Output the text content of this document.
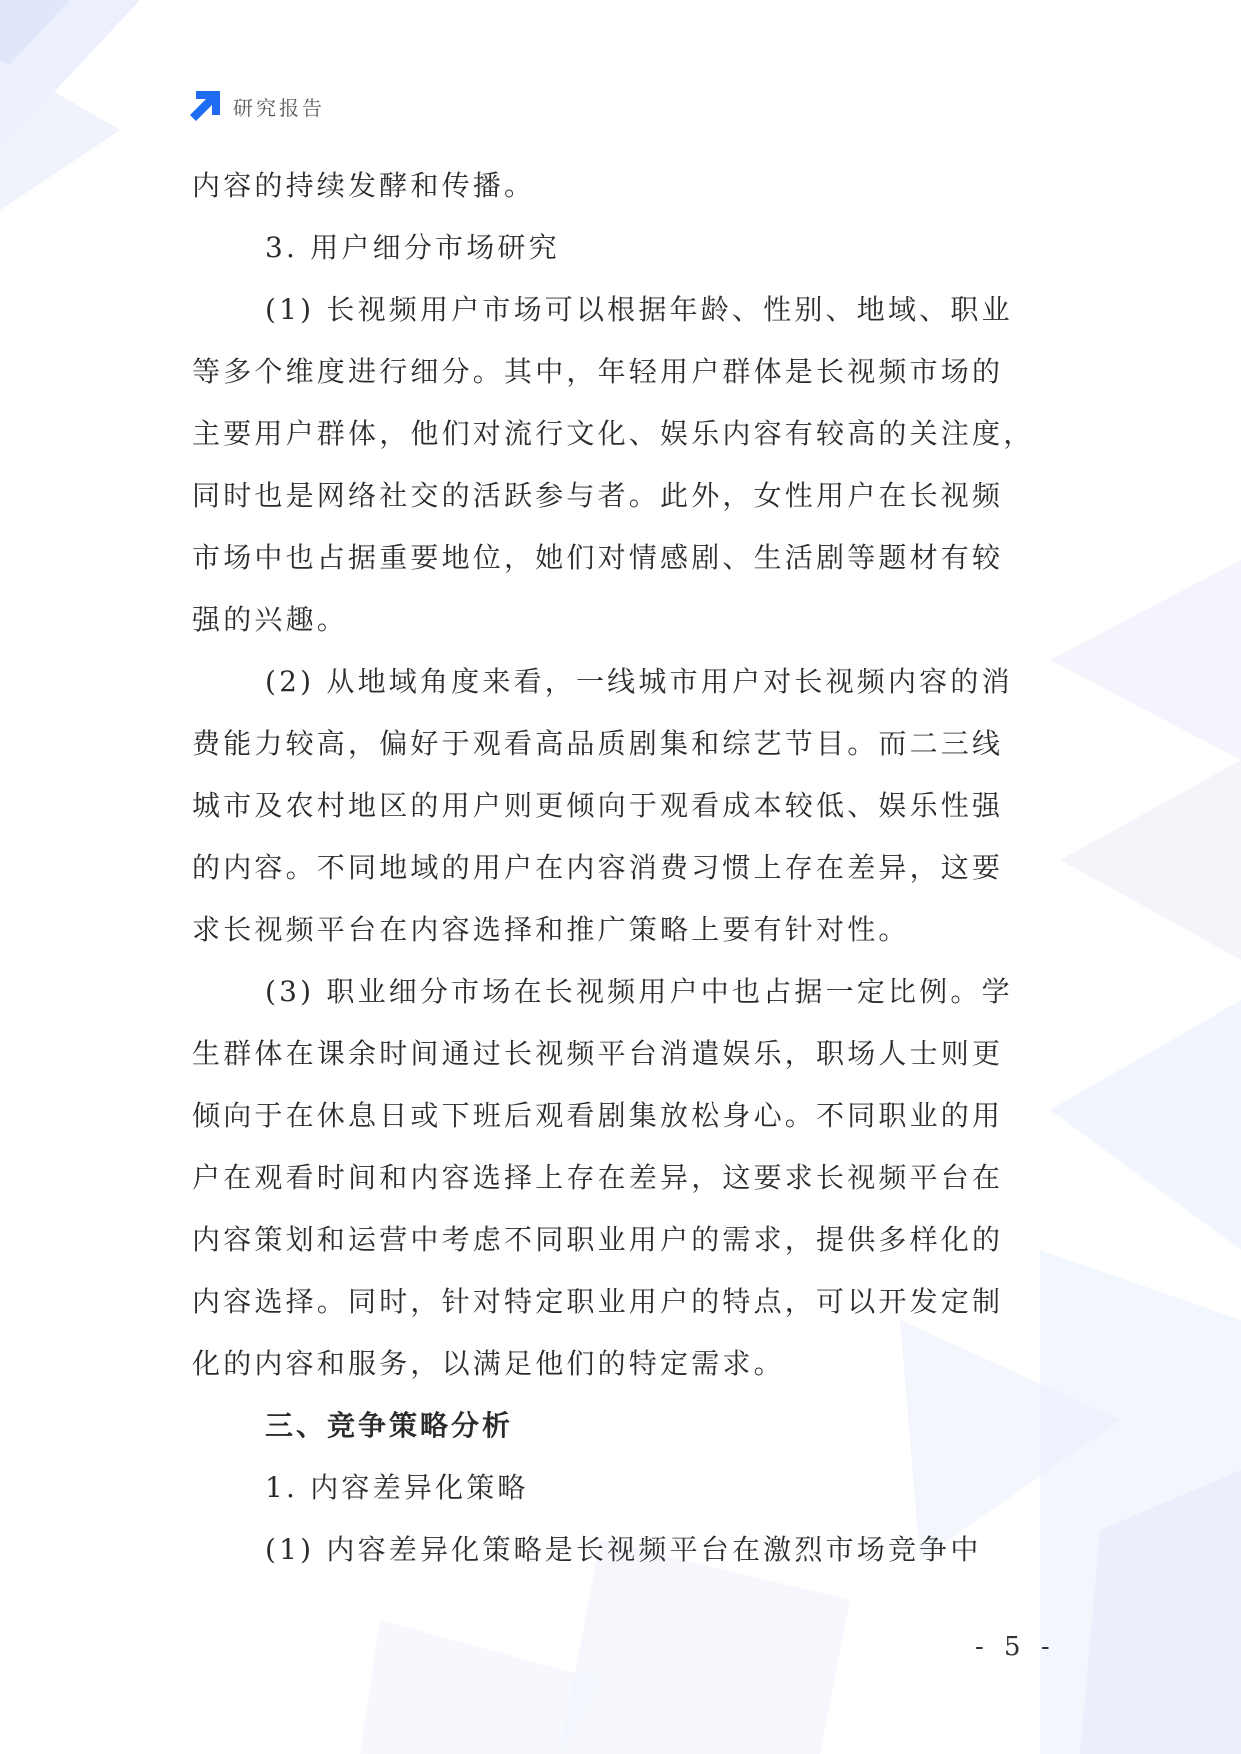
研究报告
内容的持续发酵和传播。
3. 用户细分市场研究
(1) 长视频用户市场可以根据年龄、性别、地域、职业
等多个维度进行细分。其中，年轻用户群体是长视频市场的
主要用户群体，他们对流行文化、娱乐内容有较高的关注度，
同时也是网络社交的活跃参与者。此外，女性用户在长视频
市场中也占据重要地位，她们对情感剧、生活剧等题材有较
强的兴趣。
(2) 从地域角度来看，一线城市用户对长视频内容的消
费能力较高，偏好于观看高品质剧集和综艺节目。而二三线
城市及农村地区的用户则更倾向于观看成本较低、娱乐性强
的内容。不同地域的用户在内容消费习惯上存在差异，这要
求长视频平台在内容选择和推广策略上要有针对性。
(3) 职业细分市场在长视频用户中也占据一定比例。学
生群体在课余时间通过长视频平台消遣娱乐，职场人士则更
倾向于在休息日或下班后观看剧集放松身心。不同职业的用
户在观看时间和内容选择上存在差异，这要求长视频平台在
内容策划和运营中考虑不同职业用户的需求，提供多样化的
内容选择。同时，针对特定职业用户的特点，可以开发定制
化的内容和服务，以满足他们的特定需求。
三、竞争策略分析
1. 内容差异化策略
(1) 内容差异化策略是长视频平台在激烈市场竞争中
- 5 -
